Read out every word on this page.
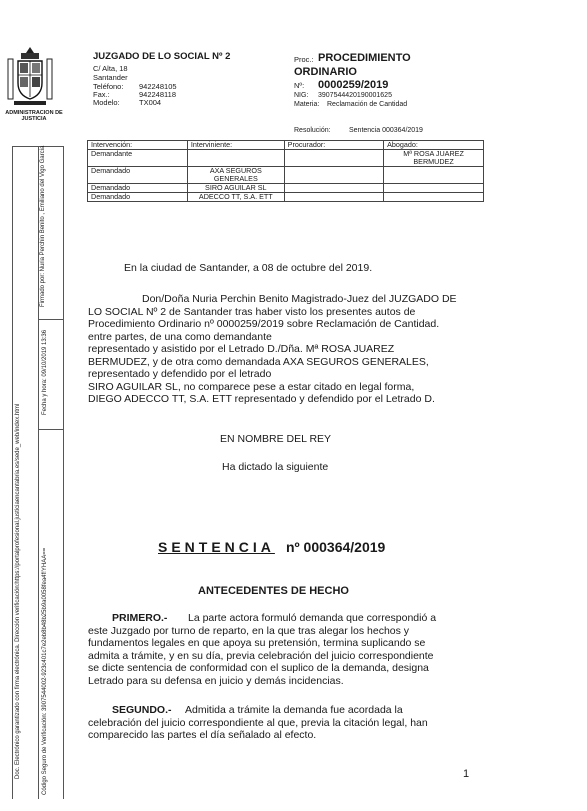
ADMINISTRACION DE JUSTICIA
JUZGADO DE LO SOCIAL Nº 2
C/ Alta, 18
Santander
Teléfono: 942248105
Fax.:	942248118
Modelo:	TX004
Proc.: PROCEDIMIENTO
ORDINARIO
Nº: 0000259/2019
NIG: 3907544420190001625
Materia: Reclamación de Cantidad
Resolución:	Sentencia 000364/2019
Intervención:	Interviniente:	Procurador:	Abogado:
Demandante			Mª ROSA JUAREZ BERMUDEZ
Demandado	AXA SEGUROS GENERALES		
Demandado	SIRO AGUILAR SL		
Demandado	ADECCO TT, S.A. ETT		
En la ciudad de Santander, a 08 de octubre del 2019.
Don/Doña Nuria Perchin Benito Magistrado-Juez del JUZGADO DE
LO SOCIAL Nº 2 de Santander tras haber visto los presentes autos de
Procedimiento Ordinario nº 0000259/2019 sobre Reclamación de Cantidad.
entre partes, de una como demandante
representado y asistido por el Letrado D./Dña. Mª ROSA JUAREZ
BERMUDEZ, y de otra como demandada AXA SEGUROS GENERALES,
representado y defendido por el letrado
SIRO AGUILAR SL, no comparece pese a estar citado en legal forma,
DIEGO ADECCO TT, S.A. ETT representado y defendido por el Letrado D.
EN NOMBRE DEL REY
Ha dictado la siguiente
SENTENCIA nº 000364/2019
ANTECEDENTES DE HECHO
PRIMERO.-	La parte actora formuló demanda que correspondió a
este Juzgado por turno de reparto, en la que tras alegar los hechos y
fundamentos legales en que apoya su pretensión, termina suplicando se
admita a trámite, y en su día, previa celebración del juicio correspondiente
se dicte sentencia de conformidad con el suplico de la demanda, designa
Letrado para su defensa en juicio y demás incidencias.
SEGUNDO.-	Admitida a trámite la demanda fue acordada la
celebración del juicio correspondiente al que, previa la citación legal, han
comparecido las partes el día señalado al efecto.
1
Doc. Electrónico garantizado con firma electrónica. Dirección verificación:https://portalprofesional.justiciaencantabria.es/sede_web/index.html
Firmado por: Nuria Perchin Benito , Emiliano del Vigo Garcia
Fecha y hora: 09/10/2019 13:36
Código Seguro de Verificación: 3907544002-923c401c7e2eb8b48b25b9a0058fea4f!YHAA==
